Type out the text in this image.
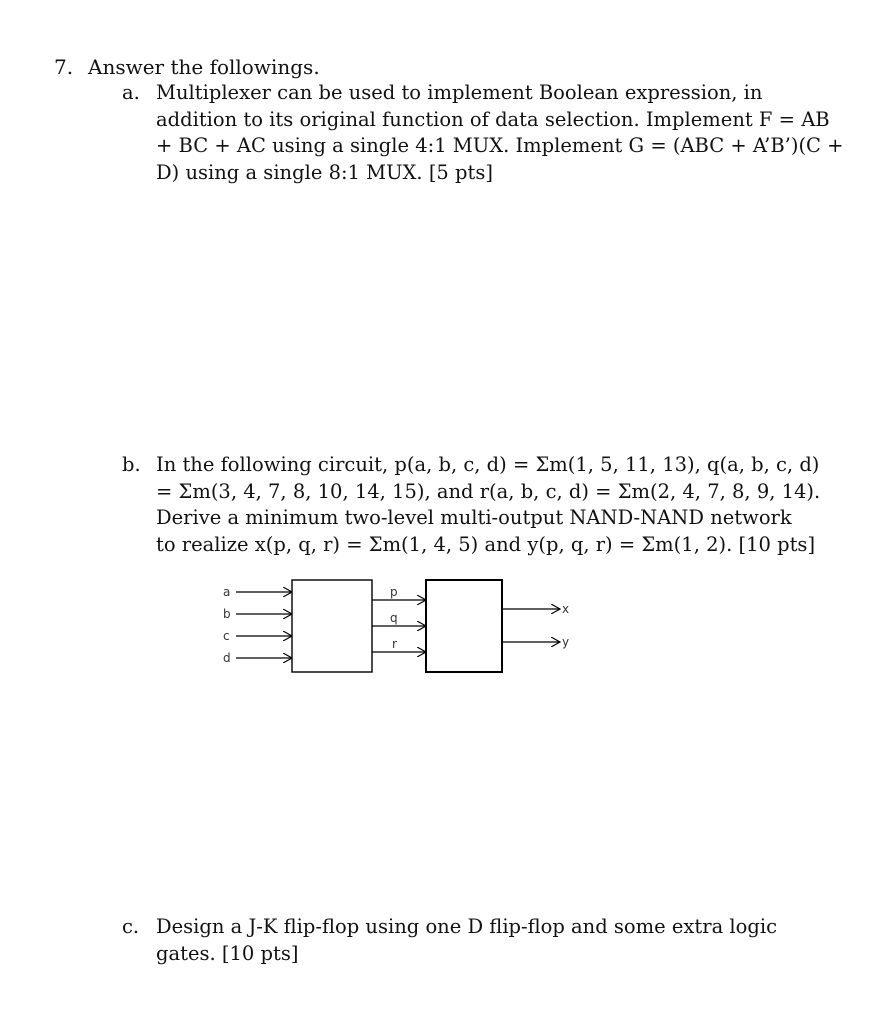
7. Answer the followings.
a. Multiplexer can be used to implement Boolean expression, in
addition to its original function of data selection. Implement F = AB
+ BC + AC using a single 4:1 MUX. Implement G = (ABC + A’B’)(C +
D) using a single 8:1 MUX. [5 pts]
b. In the following circuit, p(a, b, c, d) = Σm(1, 5, 11, 13), q(a, b, c, d)
= Σm(3, 4, 7, 8, 10, 14, 15), and r(a, b, c, d) = Σm(2, 4, 7, 8, 9, 14).
Derive a minimum two-level multi-output NAND-NAND network
to realize x(p, q, r) = Σm(1, 4, 5) and y(p, q, r) = Σm(1, 2). [10 pts]
a
b
c
d
p
q
r
x
y
c. Design a J-K flip-flop using one D flip-flop and some extra logic
gates. [10 pts]
